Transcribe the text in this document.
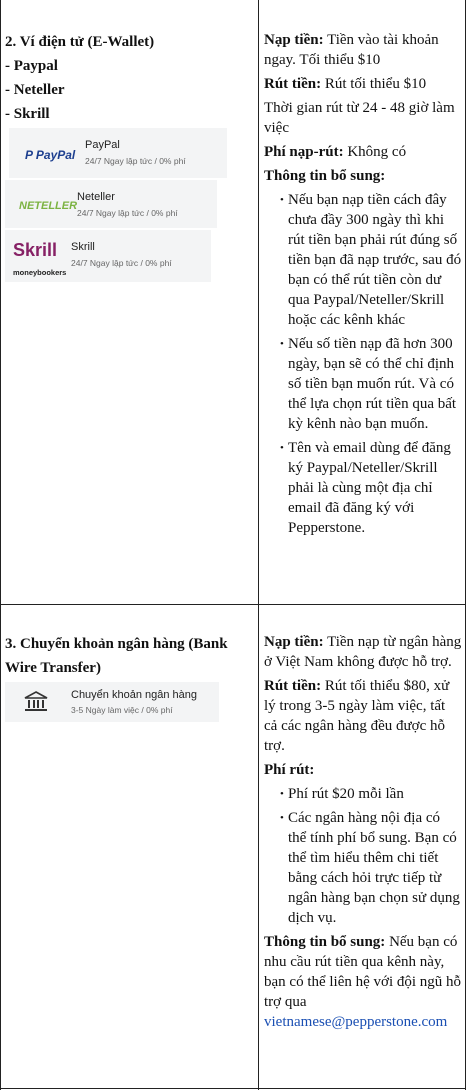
2. Ví điện tử (E-Wallet)
- Paypal
- Neteller
- Skrill
P PayPal
PayPal
24/7 Ngay lập tức / 0% phí
NETELLER
Neteller
24/7 Ngay lập tức / 0% phí
Skrill
moneybookers
Skrill
24/7 Ngay lập tức / 0% phí
Nạp tiền: Tiền vào tài khoản ngay. Tối thiểu $10
Rút tiền: Rút tối thiểu $10
Thời gian rút từ 24 - 48 giờ làm việc
Phí nạp-rút: Không có
Thông tin bổ sung:
• Nếu bạn nạp tiền cách đây chưa đầy 300 ngày thì khi rút tiền bạn phải rút đúng số tiền bạn đã nạp trước, sau đó bạn có thể rút tiền còn dư qua Paypal/Neteller/Skrill hoặc các kênh khác
• Nếu số tiền nạp đã hơn 300 ngày, bạn sẽ có thể chỉ định số tiền bạn muốn rút. Và có thể lựa chọn rút tiền qua bất kỳ kênh nào bạn muốn.
• Tên và email dùng để đăng ký Paypal/Neteller/Skrill phải là cùng một địa chỉ email đã đăng ký với Pepperstone.
3. Chuyển khoản ngân hàng (Bank Wire Transfer)
Chuyển khoản ngân hàng
3-5 Ngày làm việc / 0% phí
Nạp tiền: Tiền nạp từ ngân hàng ở Việt Nam không được hỗ trợ.
Rút tiền: Rút tối thiểu $80, xử lý trong 3-5 ngày làm việc, tất cả các ngân hàng đều được hỗ trợ.
Phí rút:
• Phí rút $20 mỗi lần
• Các ngân hàng nội địa có thể tính phí bổ sung. Bạn có thể tìm hiểu thêm chi tiết bằng cách hỏi trực tiếp từ ngân hàng bạn chọn sử dụng dịch vụ.
Thông tin bổ sung: Nếu bạn có nhu cầu rút tiền qua kênh này, bạn có thể liên hệ với đội ngũ hỗ trợ qua vietnamese@pepperstone.com
